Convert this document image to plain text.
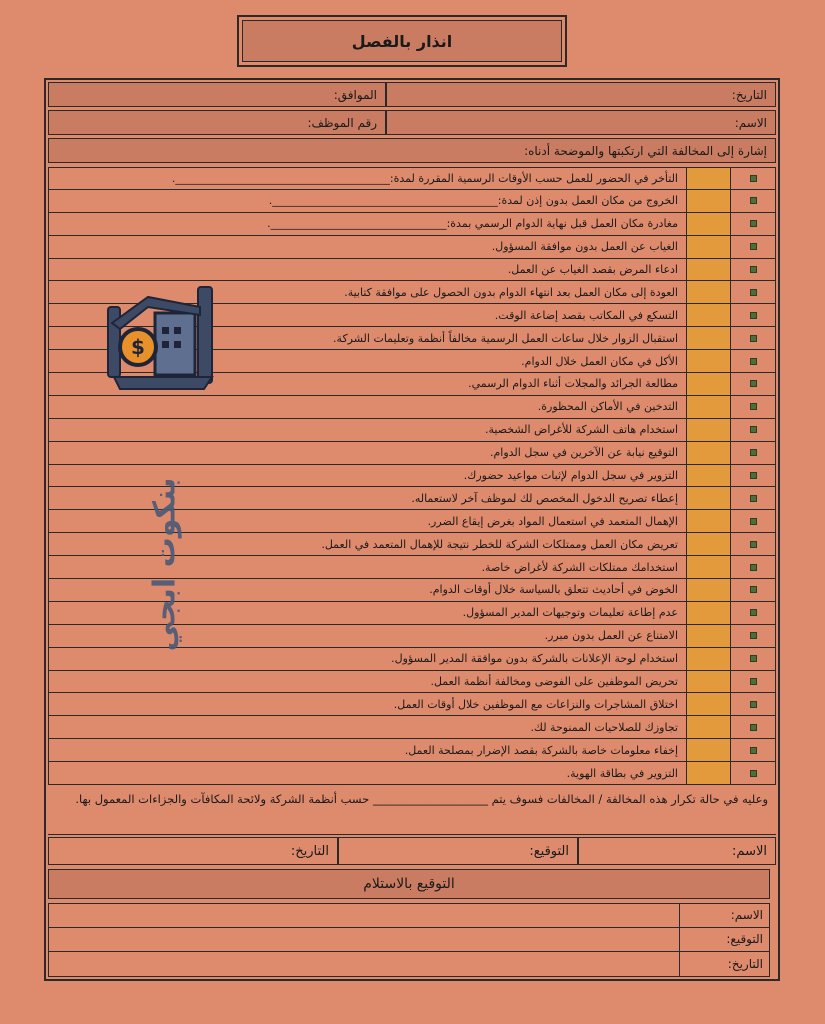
انذار بالفصل
التاريخ:
الموافق:
الاسم:
رقم الموظف:
إشارة إلى المخالفة التي ارتكبتها والموضحة أدناه:
التأخر في الحضور للعمل حسب الأوقات الرسمية المقررة لمدة:_______________________________________.
الخروج من مكان العمل بدون إذن لمدة:_________________________________________.
مغادرة مكان العمل قبل نهاية الدوام الرسمي بمدة:________________________________.
الغياب عن العمل بدون موافقة المسؤول.
ادعاء المرض بقصد الغياب عن العمل.
العودة إلى مكان العمل بعد انتهاء الدوام بدون الحصول على موافقة كتابية.
التسكع في المكاتب بقصد إضاعة الوقت.
استقبال الزوار خلال ساعات العمل الرسمية مخالفاً أنظمة وتعليمات الشركة.
الأكل في مكان العمل خلال الدوام.
مطالعة الجرائد والمجلات أثناء الدوام الرسمي.
التدخين في الأماكن المحظورة.
استخدام هاتف الشركة للأغراض الشخصية.
التوقيع نيابة عن الآخرين في سجل الدوام.
التزوير في سجل الدوام لإثبات مواعيد حضورك.
إعطاء تصريح الدخول المخصص لك لموظف آخر لاستعماله.
الإهمال المتعمد في استعمال المواد بغرض إيقاع الضرر.
تعريض مكان العمل وممتلكات الشركة للخطر نتيجة للإهمال المتعمد في العمل.
استخدامك ممتلكات الشركة لأغراض خاصة.
الخوض في أحاديث تتعلق بالسياسة خلال أوقات الدوام.
عدم إطاعة تعليمات وتوجيهات المدير المسؤول.
الامتناع عن العمل بدون مبرر.
استخدام لوحة الإعلانات بالشركة بدون موافقة المدير المسؤول.
تحريض الموظفين على الفوضى ومخالفة أنظمة العمل.
اختلاق المشاجرات والنزاعات مع الموظفين خلال أوقات العمل.
تجاوزك للصلاحيات الممنوحة لك.
إخفاء معلومات خاصة بالشركة بقصد الإضرار بمصلحة العمل.
التزوير في بطاقة الهوية.
$
بنكوت ابجي
وعليه في حالة تكرار هذه المخالفة / المخالفات فسوف يتم ____________________ حسب أنظمة الشركة ولائحة المكافآت والجزاءات المعمول بها.
الاسم:
التوقيع:
التاريخ:
التوقيع بالاستلام
الاسم:
التوقيع:
التاريخ:
